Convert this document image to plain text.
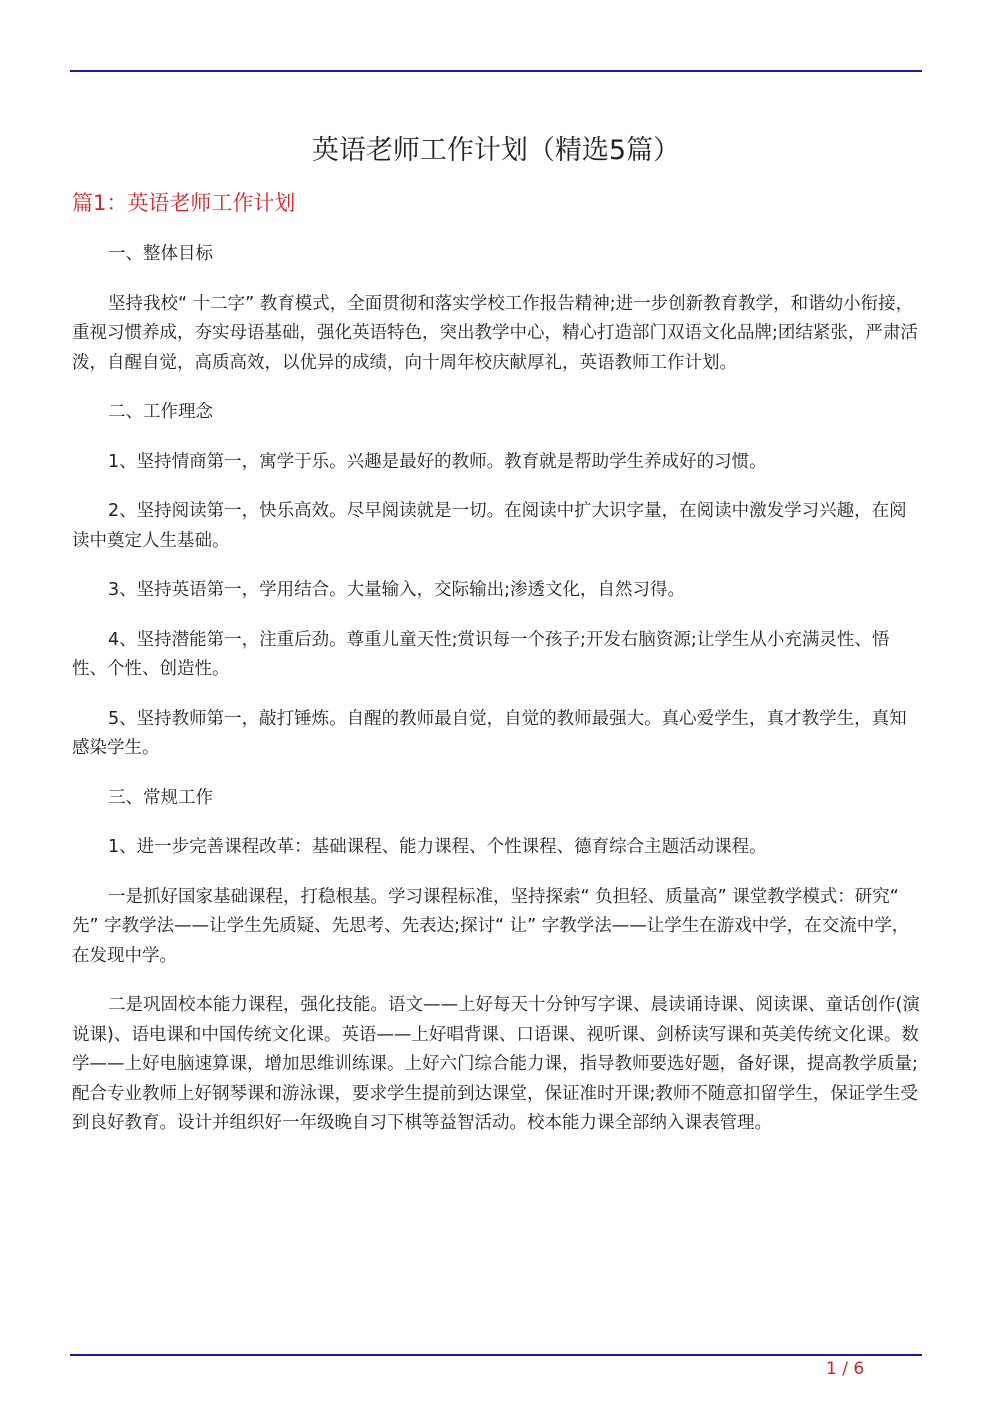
英语老师工作计划（精选5篇）
篇1：英语老师工作计划

一、整体目标

坚持我校“ 十二字” 教育模式，全面贯彻和落实学校工作报告精神;进一步创新教育教学，和谐幼小衔接，重视习惯养成，夯实母语基础，强化英语特色，突出教学中心，精心打造部门双语文化品牌;团结紧张，严肃活泼，自醒自觉，高质高效，以优异的成绩，向十周年校庆献厚礼，英语教师工作计划。

二、工作理念

1、坚持情商第一，寓学于乐。兴趣是最好的教师。教育就是帮助学生养成好的习惯。

2、坚持阅读第一，快乐高效。尽早阅读就是一切。在阅读中扩大识字量，在阅读中激发学习兴趣，在阅读中奠定人生基础。

3、坚持英语第一，学用结合。大量输入，交际输出;渗透文化，自然习得。

4、坚持潜能第一，注重后劲。尊重儿童天性;赏识每一个孩子;开发右脑资源;让学生从小充满灵性、悟性、个性、创造性。

5、坚持教师第一，敲打锤炼。自醒的教师最自觉，自觉的教师最强大。真心爱学生，真才教学生，真知感染学生。

三、常规工作

1、进一步完善课程改革：基础课程、能力课程、个性课程、德育综合主题活动课程。

一是抓好国家基础课程，打稳根基。学习课程标准，坚持探索“ 负担轻、质量高” 课堂教学模式：研究“ 先” 字教学法——让学生先质疑、先思考、先表达;探讨“ 让” 字教学法——让学生在游戏中学，在交流中学，在发现中学。

二是巩固校本能力课程，强化技能。语文——上好每天十分钟写字课、晨读诵诗课、阅读课、童话创作(演说课)、语电课和中国传统文化课。英语——上好唱背课、口语课、视听课、剑桥读写课和英美传统文化课。数学——上好电脑速算课，增加思维训练课。上好六门综合能力课，指导教师要选好题，备好课，提高教学质量;配合专业教师上好钢琴课和游泳课，要求学生提前到达课堂，保证准时开课;教师不随意扣留学生，保证学生受到良好教育。设计并组织好一年级晚自习下棋等益智活动。校本能力课全部纳入课表管理。

1 / 6
